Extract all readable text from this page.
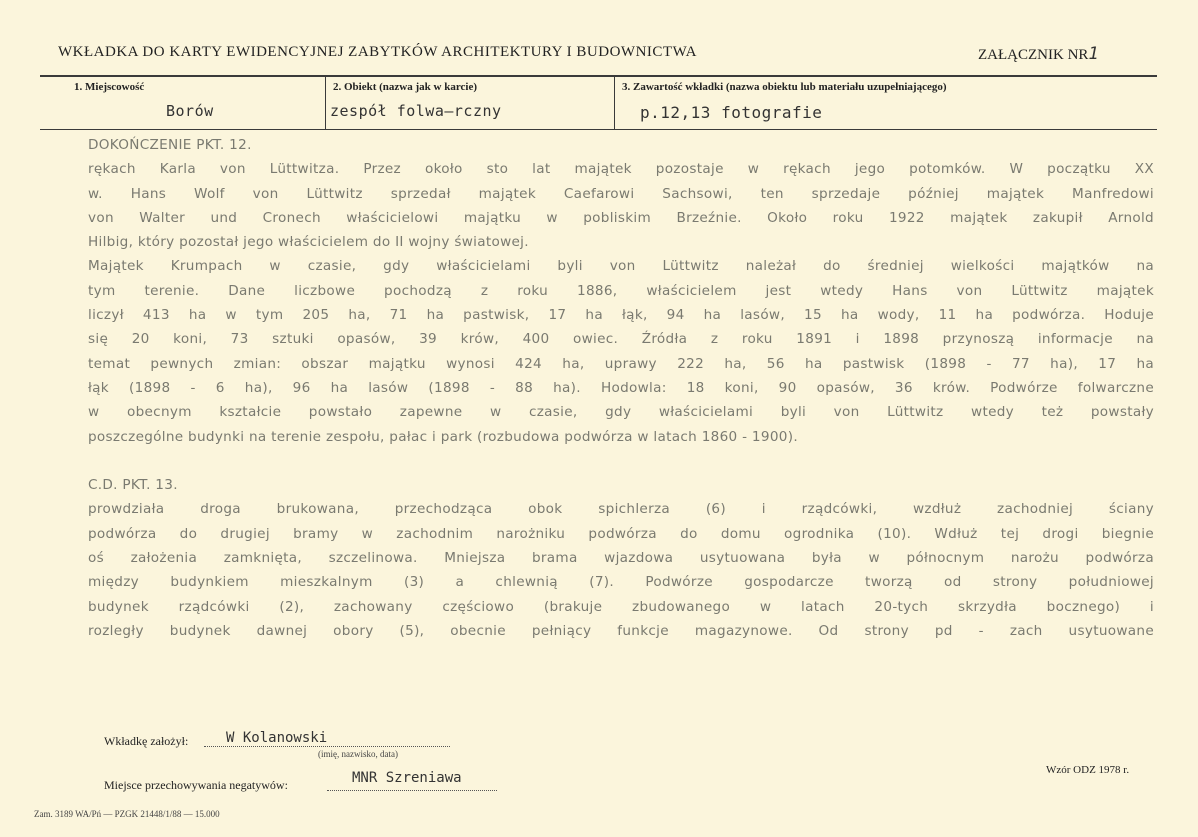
WKŁADKA DO KARTY EWIDENCYJNEJ ZABYTKÓW ARCHITEKTURY I BUDOWNICTWA	ZAŁĄCZNIK NR1
1. Miejscowość
Borów
2. Obiekt (nazwa jak w karcie)
zespół folwa–rczny
3. Zawartość wkładki (nazwa obiektu lub materiału uzupełniającego)
p.12,13 fotografie
DOKOŃCZENIE PKT. 12.
rękach Karla von Lüttwitza. Przez około sto lat majątek pozostaje w rękach jego potomków. W początku XX
w. Hans Wolf von Lüttwitz sprzedał majątek Caefarowi Sachsowi, ten sprzedaje później majątek Manfredowi
von Walter und Cronech właścicielowi majątku w pobliskim Brzeźnie. Około roku 1922 majątek zakupił Arnold
Hilbig, który pozostał jego właścicielem do II wojny światowej.
Majątek Krumpach w czasie, gdy właścicielami byli von Lüttwitz należał do średniej wielkości majątków na
tym terenie. Dane liczbowe pochodzą z roku 1886, właścicielem jest wtedy Hans von Lüttwitz majątek
liczył 413 ha w tym 205 ha, 71 ha pastwisk, 17 ha łąk, 94 ha lasów, 15 ha wody, 11 ha podwórza. Hoduje
się 20 koni, 73 sztuki opasów, 39 krów, 400 owiec. Źródła z roku 1891 i 1898 przynoszą informacje na
temat pewnych zmian: obszar majątku wynosi 424 ha, uprawy 222 ha, 56 ha pastwisk (1898 - 77 ha), 17 ha
łąk (1898 - 6 ha), 96 ha lasów (1898 - 88 ha). Hodowla: 18 koni, 90 opasów, 36 krów. Podwórze folwarczne
w obecnym kształcie powstało zapewne w czasie, gdy właścicielami byli von Lüttwitz wtedy też powstały
poszczególne budynki na terenie zespołu, pałac i park (rozbudowa podwórza w latach 1860 - 1900).
C.D. PKT. 13.
prowdziała droga brukowana, przechodząca obok spichlerza (6) i rządcówki, wzdłuż zachodniej ściany
podwórza do drugiej bramy w zachodnim narożniku podwórza do domu ogrodnika (10). Wdłuż tej drogi biegnie
oś założenia zamknięta, szczelinowa. Mniejsza brama wjazdowa usytuowana była w północnym narożu podwórza
między budynkiem mieszkalnym (3) a chlewnią (7). Podwórze gospodarcze tworzą od strony południowej
budynek rządcówki (2), zachowany częściowo (brakuje zbudowanego w latach 20-tych skrzydła bocznego) i
rozległy budynek dawnej obory (5), obecnie pełniący funkcje magazynowe. Od strony pd - zach usytuowane
Wkładkę założył:	W Kolanowski
(imię, nazwisko, data)
Miejsce przechowywania negatywów:	MNR Szreniawa	Wzór ODZ 1978 r.
Zam. 3189 WA/Pń — PZGK 21448/1/88 — 15.000
